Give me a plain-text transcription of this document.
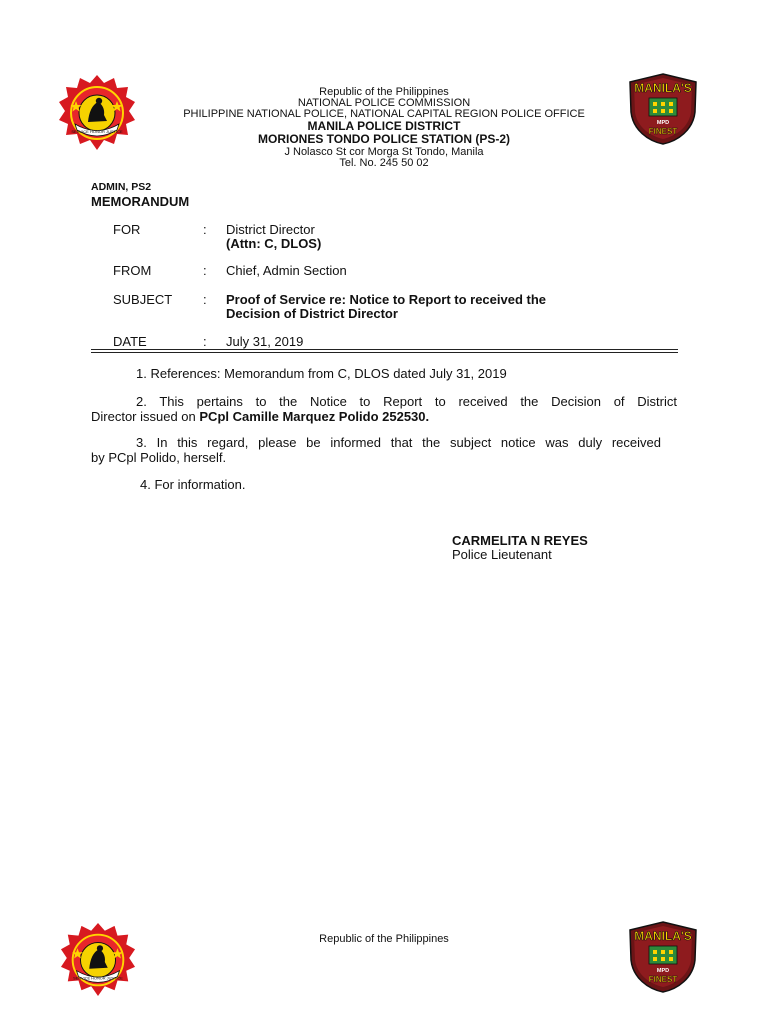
SERVICE HONOR JUSTICE
MANILA'S
MPD
FINEST
Republic of the Philippines
NATIONAL POLICE COMMISSION
PHILIPPINE NATIONAL POLICE, NATIONAL CAPITAL REGION POLICE OFFICE
MANILA POLICE DISTRICT
MORIONES TONDO POLICE STATION (PS-2)
J Nolasco St cor Morga St Tondo, Manila
Tel. No. 245 50 02
ADMIN, PS2
MEMORANDUM
FOR	: District Director
(Attn: C, DLOS)
FROM	: Chief, Admin Section
SUBJECT : Proof of Service re: Notice to Report to received the
Decision of District Director
DATE	: July 31, 2019
1. References: Memorandum from C, DLOS dated July 31, 2019
2. This pertains to the Notice to Report to received the Decision of District
Director issued on PCpl Camille Marquez Polido 252530.
3. In this regard, please be informed that the subject notice was duly received
by PCpl Polido, herself.
4. For information.
CARMELITA N REYES
Police Lieutenant
SERVICE HONOR JUSTICE
MANILA'S
MPD
FINEST
Republic of the Philippines
